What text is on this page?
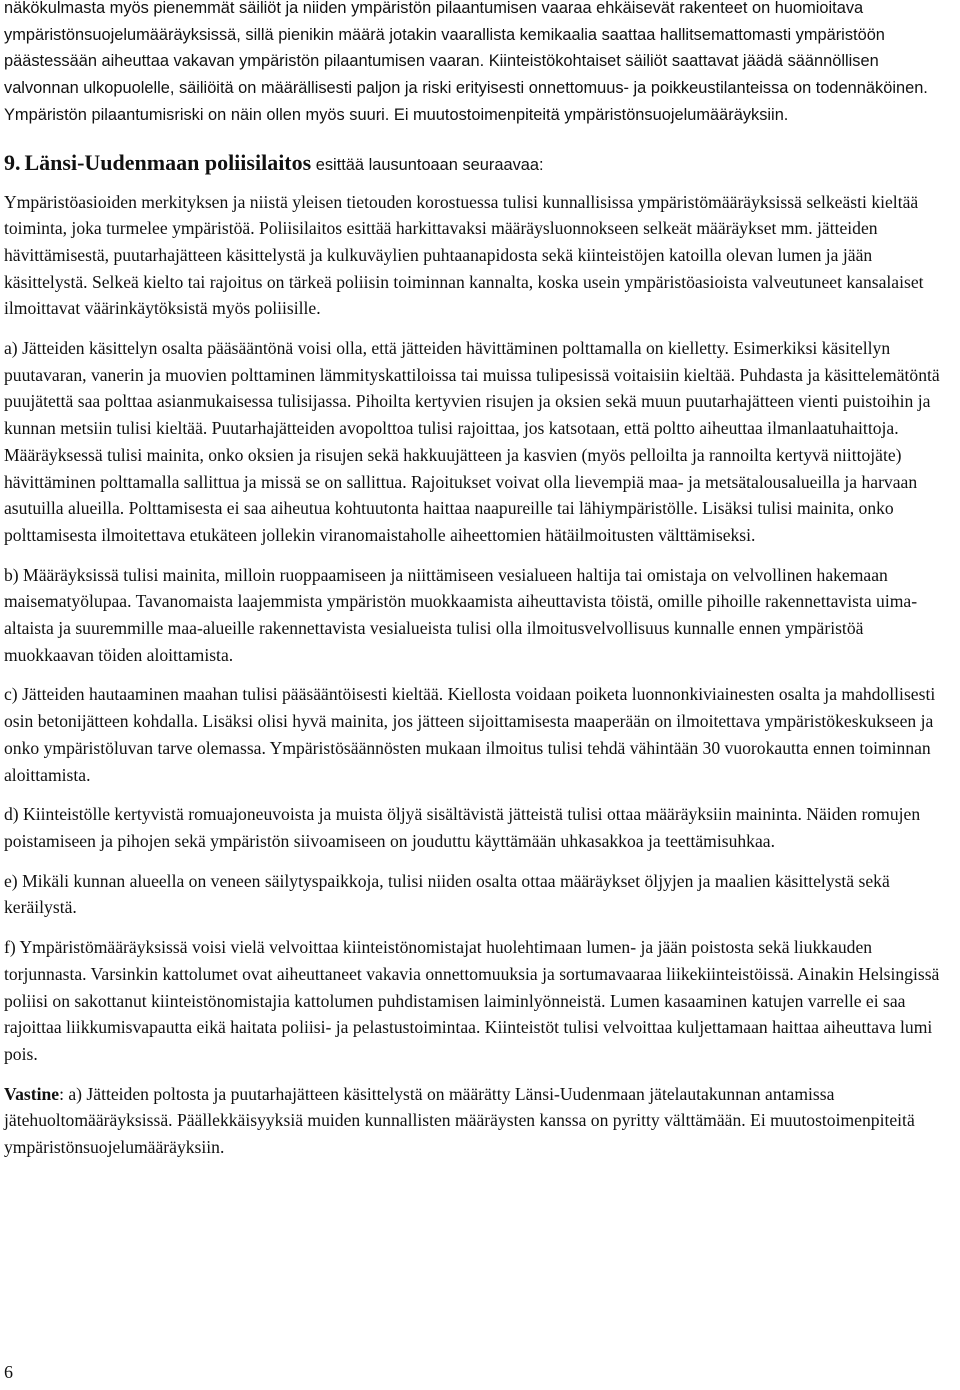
näkökulmasta myös pienemmät säiliöt ja niiden ympäristön pilaantumisen vaaraa ehkäisevät rakenteet on huomioitava ympäristönsuojelumääräyksissä, sillä pienikin määrä jotakin vaarallista kemikaalia saattaa hallitsemattomasti ympäristöön päästessään aiheuttaa vakavan ympäristön pilaantumisen vaaran. Kiinteistökohtaiset säiliöt saattavat jäädä säännöllisen valvonnan ulkopuolelle, säiliöitä on määrällisesti paljon ja riski erityisesti onnettomuus- ja poikkeustilanteissa on todennäköinen. Ympäristön pilaantumisriski on näin ollen myös suuri. Ei muutostoimenpiteitä ympäristönsuojelumääräyksiin.

9. Länsi-Uudenmaan poliisilaitos esittää lausuntoaan seuraavaa:

Ympäristöasioiden merkityksen ja niistä yleisen tietouden korostuessa tulisi kunnallisissa ympäristömääräyksissä selkeästi kieltää toiminta, joka turmelee ympäristöä. Poliisilaitos esittää harkittavaksi määräysluonnokseen selkeät määräykset mm. jätteiden hävittämisestä, puutarhajätteen käsittelystä ja kulkuväylien puhtaanapidosta sekä kiinteistöjen katoilla olevan lumen ja jään käsittelystä. Selkeä kielto tai rajoitus on tärkeä poliisin toiminnan kannalta, koska usein ympäristöasioista valveutuneet kansalaiset ilmoittavat väärinkäytöksistä myös poliisille.

a) Jätteiden käsittelyn osalta pääsääntönä voisi olla, että jätteiden hävittäminen polttamalla on kielletty. Esimerkiksi käsitellyn puutavaran, vanerin ja muovien polttaminen lämmityskattiloissa tai muissa tulipesissä voitaisiin kieltää. Puhdasta ja käsittelemätöntä puujätettä saa polttaa asianmukaisessa tulisijassa. Pihoilta kertyvien risujen ja oksien sekä muun puutarhajätteen vienti puistoihin ja kunnan metsiin tulisi kieltää. Puutarhajätteiden avopolttoa tulisi rajoittaa, jos katsotaan, että poltto aiheuttaa ilmanlaatuhaittoja. Määräyksessä tulisi mainita, onko oksien ja risujen sekä hakkuujätteen ja kasvien (myös pelloilta ja rannoilta kertyvä niittojäte) hävittäminen polttamalla sallittua ja missä se on sallittua. Rajoitukset voivat olla lievempiä maa- ja metsätalousalueilla ja harvaan asutuilla alueilla. Polttamisesta ei saa aiheutua kohtuutonta haittaa naapureille tai lähiympäristölle. Lisäksi tulisi mainita, onko polttamisesta ilmoitettava etukäteen jollekin viranomaistaholle aiheettomien hätäilmoitusten välttämiseksi.

b) Määräyksissä tulisi mainita, milloin ruoppaamiseen ja niittämiseen vesialueen haltija tai omistaja on velvollinen hakemaan maisematyölupaa. Tavanomaista laajemmista ympäristön muokkaamista aiheuttavista töistä, omille pihoille rakennettavista uima-altaista ja suuremmille maa-alueille rakennettavista vesialueista tulisi olla ilmoitusvelvollisuus kunnalle ennen ympäristöä muokkaavan töiden aloittamista.

c) Jätteiden hautaaminen maahan tulisi pääsääntöisesti kieltää. Kiellosta voidaan poiketa luonnonkiviainesten osalta ja mahdollisesti osin betonijätteen kohdalla. Lisäksi olisi hyvä mainita, jos jätteen sijoittamisesta maaperään on ilmoitettava ympäristökeskukseen ja onko ympäristöluvan tarve olemassa. Ympäristösäännösten mukaan ilmoitus tulisi tehdä vähintään 30 vuorokautta ennen toiminnan aloittamista.

d) Kiinteistölle kertyvistä romuajoneuvoista ja muista öljyä sisältävistä jätteistä tulisi ottaa määräyksiin maininta. Näiden romujen poistamiseen ja pihojen sekä ympäristön siivoamiseen on jouduttu käyttämään uhkasakkoa ja teettämisuhkaa.

e) Mikäli kunnan alueella on veneen säilytyspaikkoja, tulisi niiden osalta ottaa määräykset öljyjen ja maalien käsittelystä sekä keräilystä.

f) Ympäristömääräyksissä voisi vielä velvoittaa kiinteistönomistajat huolehtimaan lumen- ja jään poistosta sekä liukkauden torjunnasta. Varsinkin kattolumet ovat aiheuttaneet vakavia onnettomuuksia ja sortumavaaraa liikekiinteistöissä. Ainakin Helsingissä poliisi on sakottanut kiinteistönomistajia kattolumen puhdistamisen laiminlyönneistä. Lumen kasaaminen katujen varrelle ei saa rajoittaa liikkumisvapautta eikä haitata poliisi- ja pelastustoimintaa. Kiinteistöt tulisi velvoittaa kuljettamaan haittaa aiheuttava lumi pois.

Vastine: a) Jätteiden poltosta ja puutarhajätteen käsittelystä on määrätty Länsi-Uudenmaan jätelautakunnan antamissa jätehuoltomääräyksissä. Päällekkäisyyksiä muiden kunnallisten määräysten kanssa on pyritty välttämään. Ei muutostoimenpiteitä ympäristönsuojelumääräyksiin.

6
